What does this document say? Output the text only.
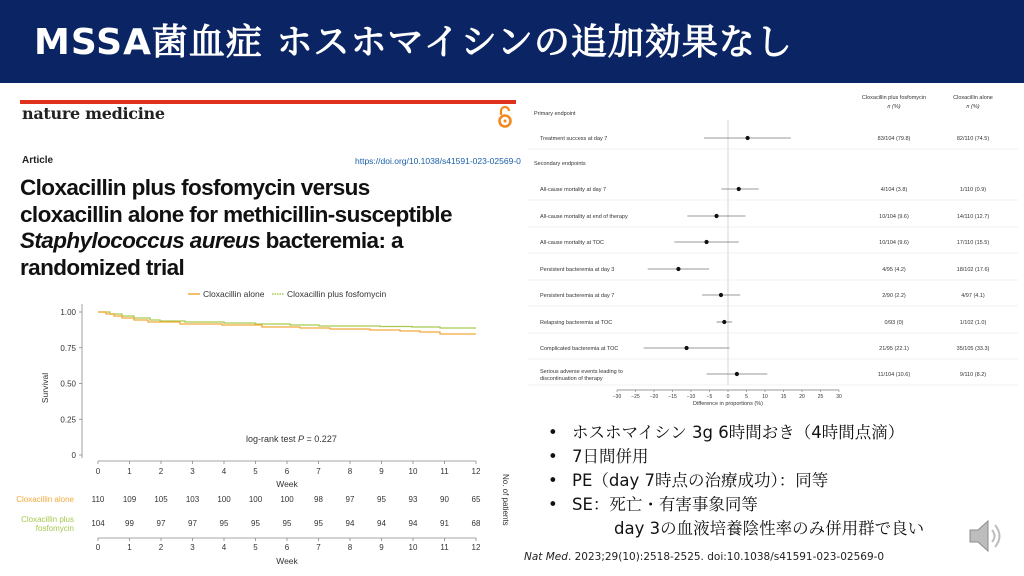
MSSA菌血症 ホスホマイシンの追加効果なし
nature medicine
Article	https://doi.org/10.1038/s41591-023-02569-0
Cloxacillin plus fosfomycin versus
cloxacillin alone for methicillin-susceptible
Staphylococcus aureus bacteremia: a
randomized trial
Cloxacillin alone	Cloxacillin plus fosfomycin
1.00
0.75
0.50
0.25
0
0	1	2	3	4	5	6	7	8	9	10	11	12
Survival
Week
log-rank test P = 0.227
No. of patients
Cloxacillin alone
Cloxacillin plus
fosfomycin
110 109 105 103 100 100 100	98	97	95	93	90	65
104	99	97	97	95	95	95	95	94	94	94	91	68
0	1	2	3	4	5	6	7	8	9	10	11	12
Week
Cloxacillin plus fosfomycin
n (%)
Cloxacillin alone
n (%)
Primary endpoint
Secondary endpoints
Treatment success at day 7	83/104 (79.8)	82/110 (74.5)
All-cause mortality at day 7	4/104 (3.8)	1/110 (0.9)
All-cause mortality at end of therapy	10/104 (9.6)	14/110 (12.7)
All-cause mortality at TOC	10/104 (9.6)	17/110 (15.5)
Persistent bacteremia at day 3	4/95 (4.2)	18/102 (17.6)
Persistent bacteremia at day 7	2/90 (2.2)	4/97 (4.1)
Relapsing bacteremia at TOC	0/93 (0)	1/102 (1.0)
Complicated bacteremia at TOC	21/95 (22.1)	35/105 (33.3)
Serious adverse events leading to
discontinuation of therapy
11/104 (10.6)	9/110 (8.2)
−30 −25 −20 −15 −10 −5	0	5	10	15	20	25	30
Difference in proportions (%)
• ホスホマイシン 3g 6時間おき（4時間点滴）
• 7日間併用
• PE（day 7時点の治療成功）：同等
• SE：死亡・有害事象同等
day 3の血液培養陰性率のみ併用群で良い
Nat Med. 2023;29(10):2518-2525. doi:10.1038/s41591-023-02569-0
